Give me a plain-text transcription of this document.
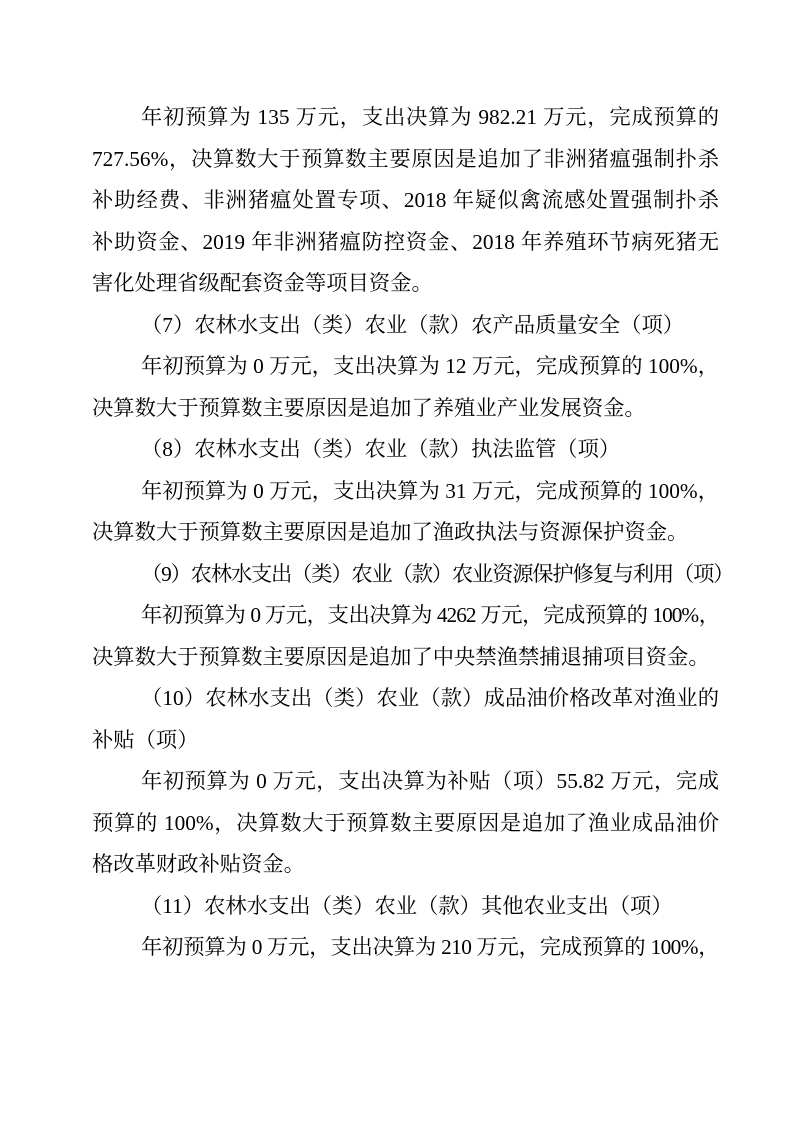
年初预算为 135 万元，支出决算为 982.21 万元，完成预算的
727.56%，决算数大于预算数主要原因是追加了非洲猪瘟强制扑杀
补助经费、非洲猪瘟处置专项、2018 年疑似禽流感处置强制扑杀
补助资金、2019 年非洲猪瘟防控资金、2018 年养殖环节病死猪无
害化处理省级配套资金等项目资金。
（7）农林水支出（类）农业（款）农产品质量安全（项）
年初预算为 0 万元，支出决算为 12 万元，完成预算的 100%，
决算数大于预算数主要原因是追加了养殖业产业发展资金。
（8）农林水支出（类）农业（款）执法监管（项）
年初预算为 0 万元，支出决算为 31 万元，完成预算的 100%，
决算数大于预算数主要原因是追加了渔政执法与资源保护资金。
（9）农林水支出（类）农业（款）农业资源保护修复与利用（项）
年初预算为 0 万元，支出决算为 4262 万元，完成预算的 100%，
决算数大于预算数主要原因是追加了中央禁渔禁捕退捕项目资金。
（10）农林水支出（类）农业（款）成品油价格改革对渔业的
补贴（项）
年初预算为 0 万元，支出决算为补贴（项）55.82 万元，完成
预算的 100%，决算数大于预算数主要原因是追加了渔业成品油价
格改革财政补贴资金。
（11）农林水支出（类）农业（款）其他农业支出（项）
年初预算为 0 万元，支出决算为 210 万元，完成预算的 100%，
